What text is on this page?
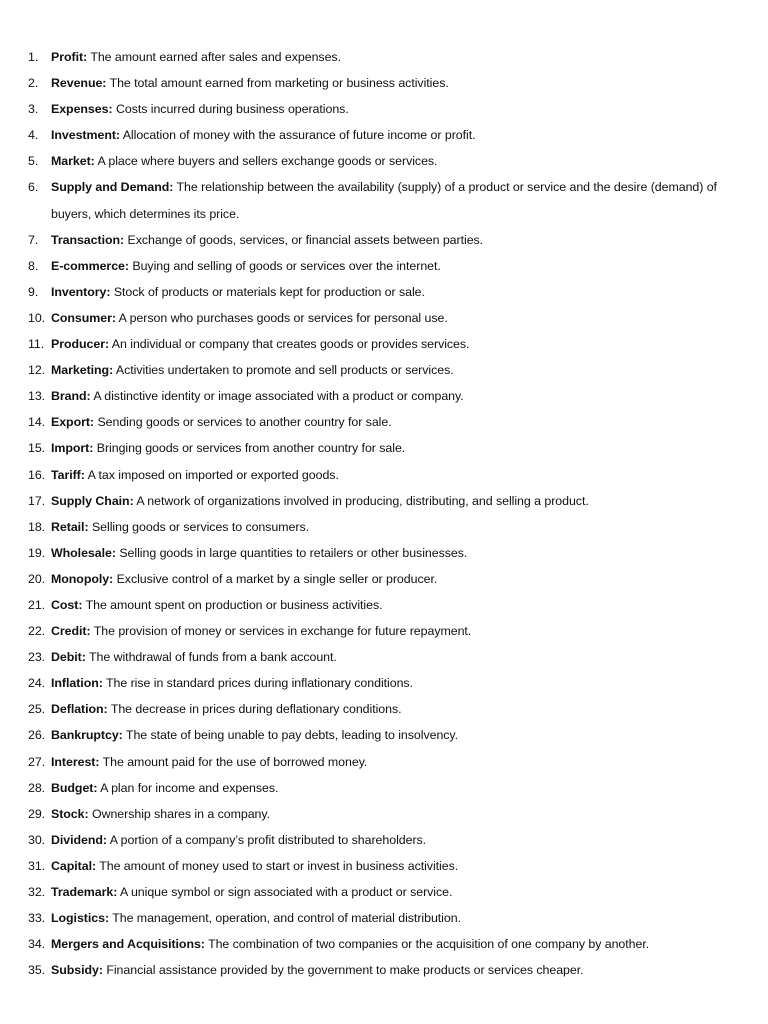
1.	Profit: The amount earned after sales and expenses.
2.	Revenue: The total amount earned from marketing or business activities.
3.	Expenses: Costs incurred during business operations.
4.	Investment: Allocation of money with the assurance of future income or profit.
5.	Market: A place where buyers and sellers exchange goods or services.
6.	Supply and Demand: The relationship between the availability (supply) of a product or service and the desire (demand) of buyers, which determines its price.
7.	Transaction: Exchange of goods, services, or financial assets between parties.
8.	E-commerce: Buying and selling of goods or services over the internet.
9.	Inventory: Stock of products or materials kept for production or sale.
10. Consumer: A person who purchases goods or services for personal use.
11. Producer: An individual or company that creates goods or provides services.
12. Marketing: Activities undertaken to promote and sell products or services.
13. Brand: A distinctive identity or image associated with a product or company.
14. Export: Sending goods or services to another country for sale.
15. Import: Bringing goods or services from another country for sale.
16. Tariff: A tax imposed on imported or exported goods.
17. Supply Chain: A network of organizations involved in producing, distributing, and selling a product.
18. Retail: Selling goods or services to consumers.
19. Wholesale: Selling goods in large quantities to retailers or other businesses.
20. Monopoly: Exclusive control of a market by a single seller or producer.
21. Cost: The amount spent on production or business activities.
22. Credit: The provision of money or services in exchange for future repayment.
23. Debit: The withdrawal of funds from a bank account.
24. Inflation: The rise in standard prices during inflationary conditions.
25. Deflation: The decrease in prices during deflationary conditions.
26. Bankruptcy: The state of being unable to pay debts, leading to insolvency.
27. Interest: The amount paid for the use of borrowed money.
28. Budget: A plan for income and expenses.
29. Stock: Ownership shares in a company.
30. Dividend: A portion of a company’s profit distributed to shareholders.
31. Capital: The amount of money used to start or invest in business activities.
32. Trademark: A unique symbol or sign associated with a product or service.
33. Logistics: The management, operation, and control of material distribution.
34. Mergers and Acquisitions: The combination of two companies or the acquisition of one company by another.
35. Subsidy: Financial assistance provided by the government to make products or services cheaper.
